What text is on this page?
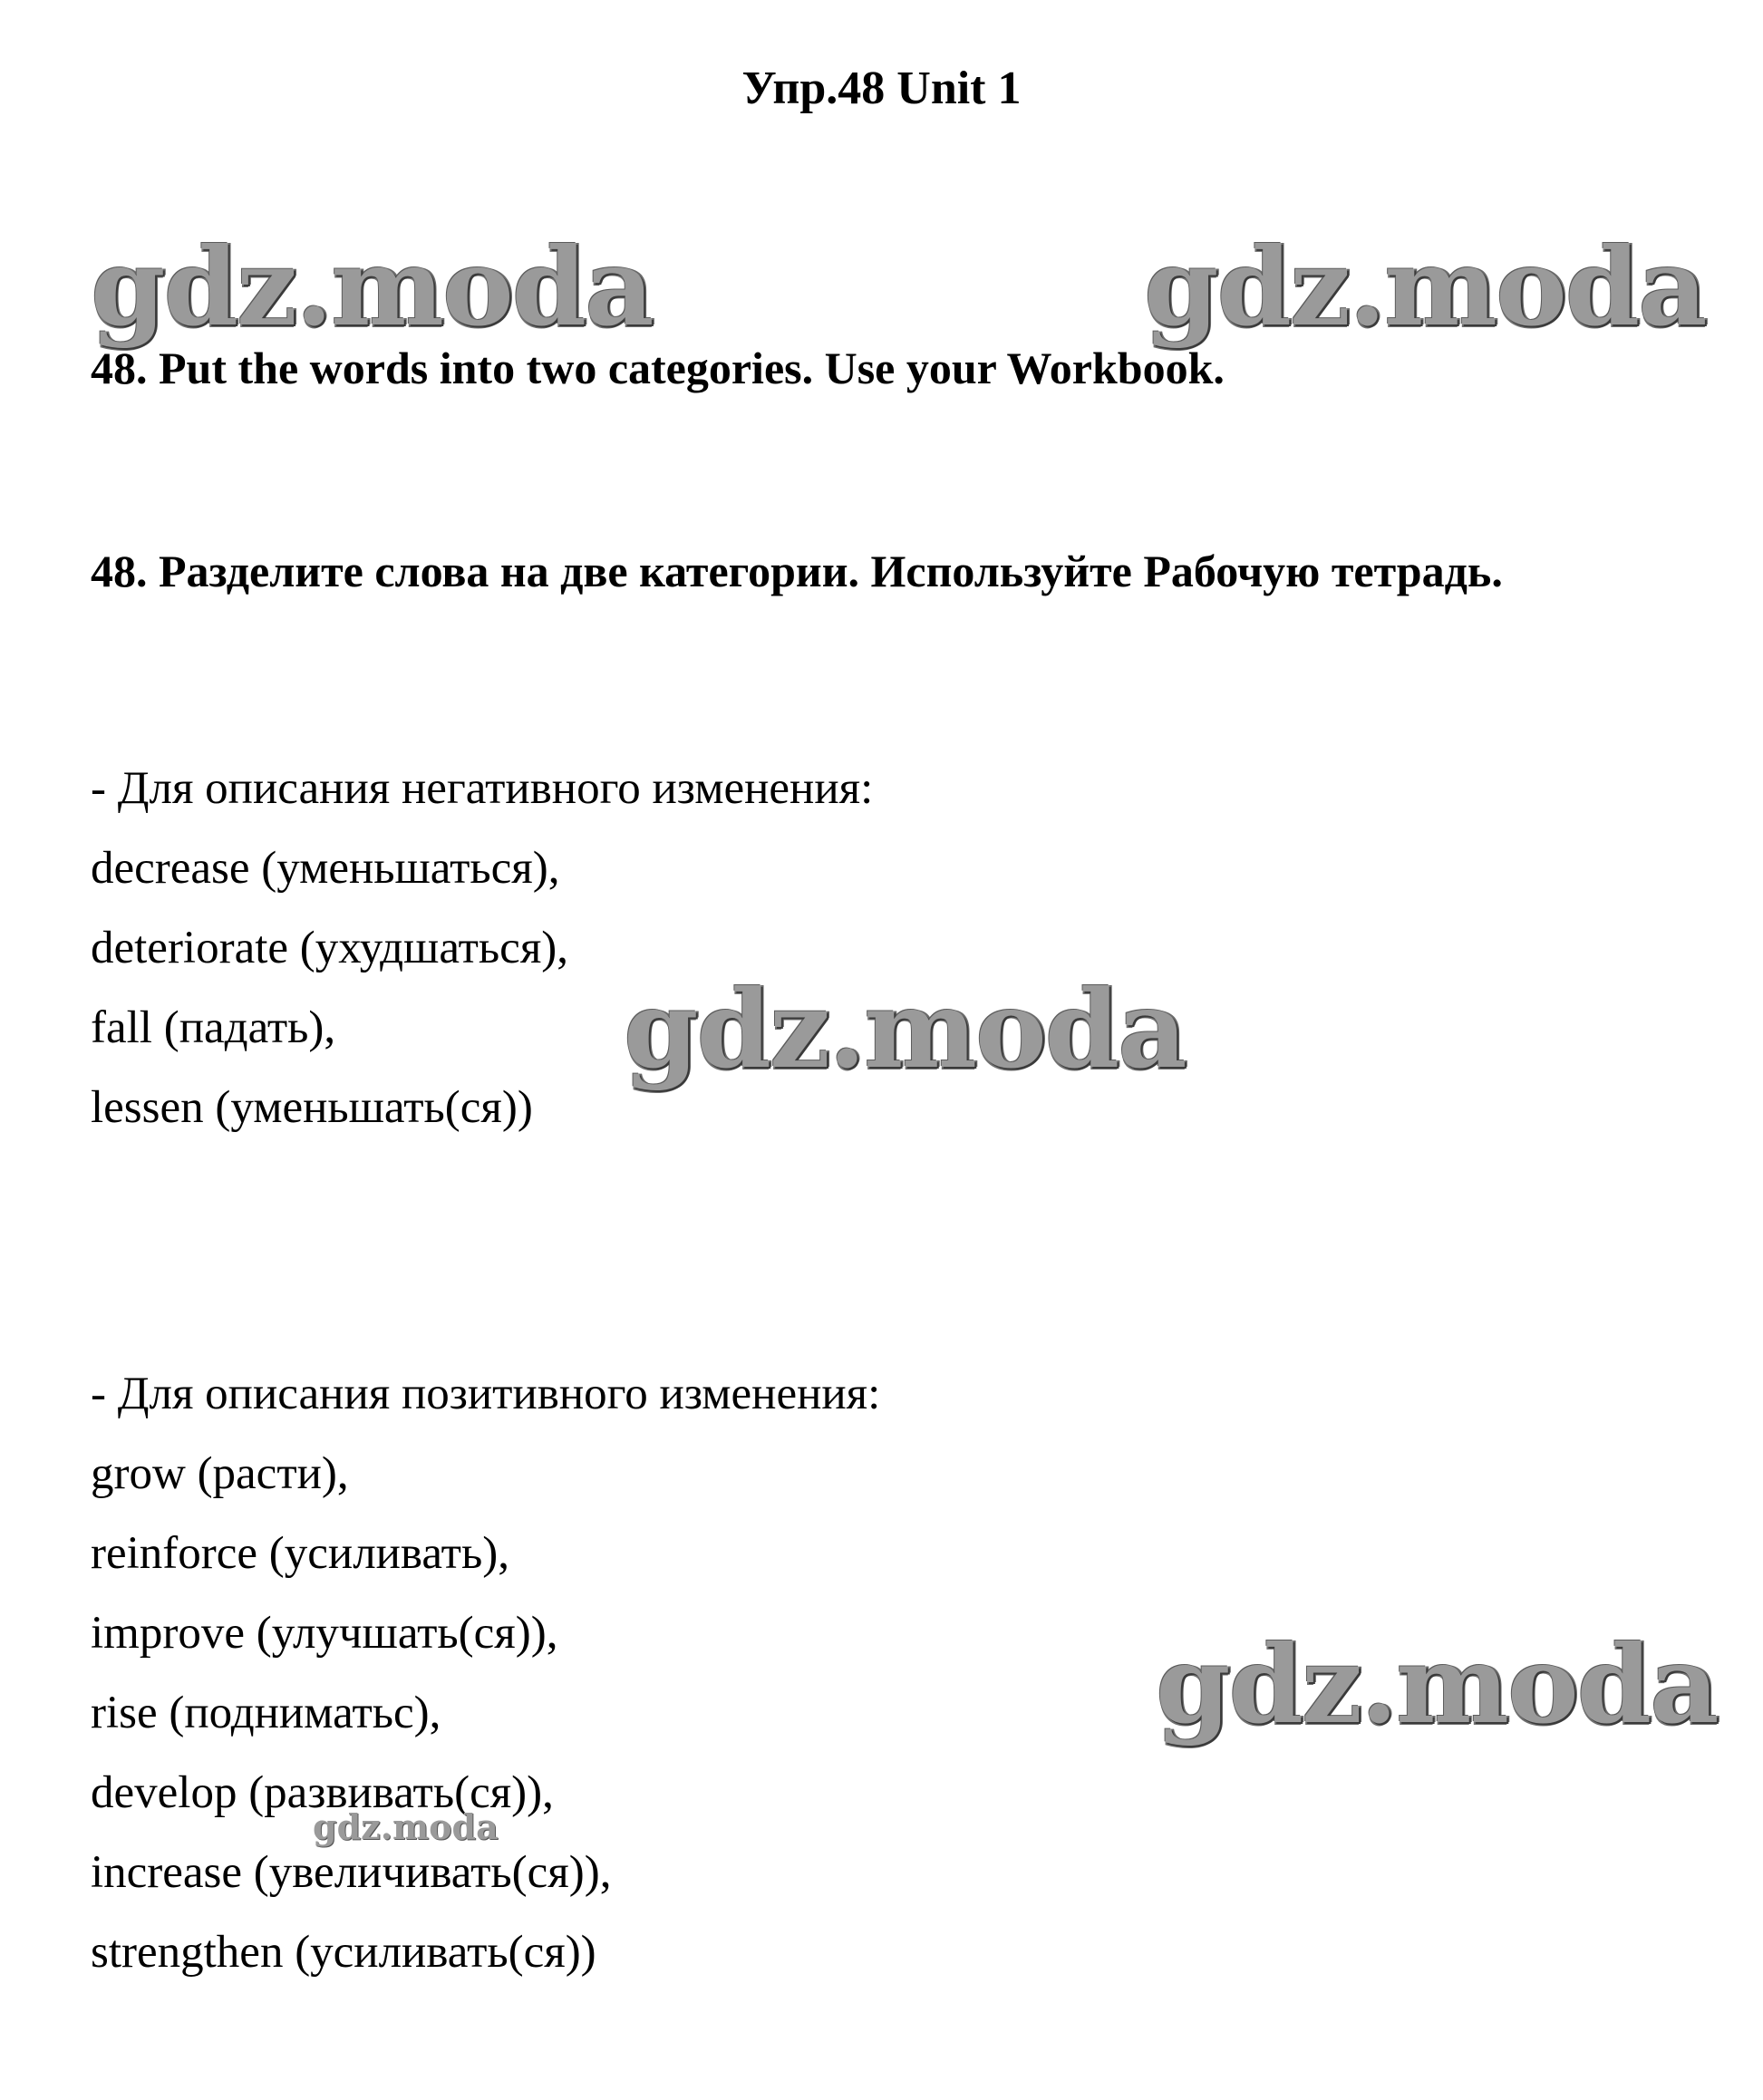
Упр.48 Unit 1
gdz.moda	gdz.moda
48. Put the words into two categories. Use your Workbook.
48. Разделите слова на две категории. Используйте Рабочую тетрадь.
- Для описания негативного изменения:
decrease (уменьшаться),
deteriorate (ухудшаться),
fall (падать),
lessen (уменьшать(ся))
gdz.moda
- Для описания позитивного изменения:
grow (расти),
reinforce (усиливать),
improve (улучшать(ся)),
rise (подниматьс),
develop (развивать(ся)),
increase (увеличивать(ся)),
strengthen (усиливать(ся))
gdz.moda
gdz.moda
